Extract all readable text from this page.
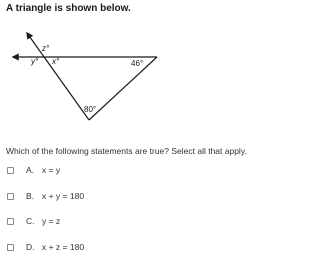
A triangle is shown below.
z°
y° x°	46°
80°
Which of the following statements are true? Select all that apply.
A. x = y
B. x + y = 180
C. y = z
D. x + z = 180
